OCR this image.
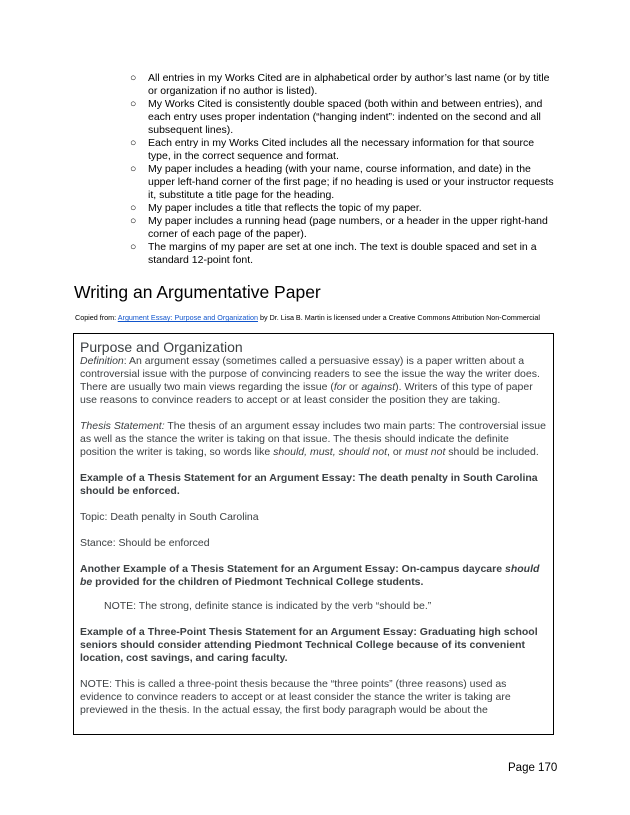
○ All entries in my Works Cited are in alphabetical order by author’s last name (or by title or organization if no author is listed).
○ My Works Cited is consistently double spaced (both within and between entries), and each entry uses proper indentation (“hanging indent”: indented on the second and all subsequent lines).
○ Each entry in my Works Cited includes all the necessary information for that source type, in the correct sequence and format.
○ My paper includes a heading (with your name, course information, and date) in the upper left-hand corner of the first page; if no heading is used or your instructor requests it, substitute a title page for the heading.
○ My paper includes a title that reflects the topic of my paper.
○ My paper includes a running head (page numbers, or a header in the upper right-hand corner of each page of the paper).
○ The margins of my paper are set at one inch. The text is double spaced and set in a standard 12-point font.
Writing an Argumentative Paper
Copied from: Argument Essay: Purpose and Organization by Dr. Lisa B. Martin is licensed under a Creative Commons Attribution Non-Commercial

Purpose and Organization

Definition: An argument essay (sometimes called a persuasive essay) is a paper written about a controversial issue with the purpose of convincing readers to see the issue the way the writer does. There are usually two main views regarding the issue (for or against). Writers of this type of paper use reasons to convince readers to accept or at least consider the position they are taking.

Thesis Statement: The thesis of an argument essay includes two main parts: The controversial issue as well as the stance the writer is taking on that issue. The thesis should indicate the definite position the writer is taking, so words like should, must, should not, or must not should be included.

Example of a Thesis Statement for an Argument Essay: The death penalty in South Carolina should be enforced.

Topic: Death penalty in South Carolina

Stance: Should be enforced

Another Example of a Thesis Statement for an Argument Essay: On-campus daycare should be provided for the children of Piedmont Technical College students.

NOTE: The strong, definite stance is indicated by the verb “should be.”

Example of a Three-Point Thesis Statement for an Argument Essay: Graduating high school seniors should consider attending Piedmont Technical College because of its convenient location, cost savings, and caring faculty.

NOTE: This is called a three-point thesis because the “three points” (three reasons) used as evidence to convince readers to accept or at least consider the stance the writer is taking are previewed in the thesis. In the actual essay, the first body paragraph would be about the

Page 170
